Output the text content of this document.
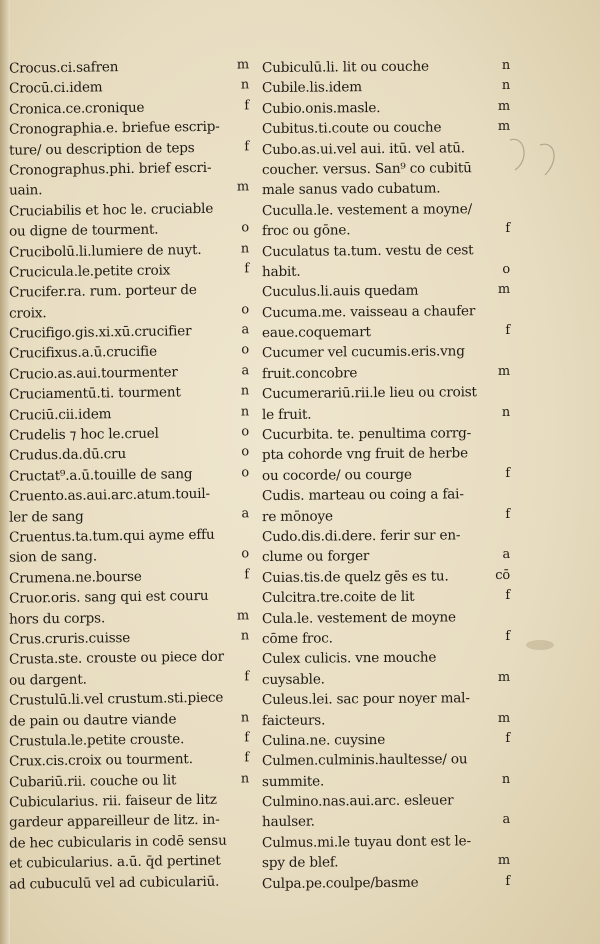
Crocus.ci.safren	m
Crocū.ci.idem	n
Cronica.ce.cronique	f
Cronographia.e. briefue escrip-
ture/ ou description de teps	f
Cronographus.phi. brief escri-
uain.	m
Cruciabilis et hoc le. cruciable
ou digne de tourment.	o
Crucibolū.li.lumiere de nuyt.	n
Crucicula.le.petite croix	f
Crucifer.ra. rum. porteur de
croix.	o
Crucifigo.gis.xi.xū.crucifier	a
Crucifixus.a.ū.crucifie	o
Crucio.as.aui.tourmenter	a
Cruciamentū.ti. tourment	n
Cruciū.cii.idem	n
Crudelis ⁊ hoc le.cruel	o
Crudus.da.dū.cru	o
Cructat⁹.a.ū.touille de sang	o
Cruento.as.aui.arc.atum.touil-
ler de sang	a
Cruentus.ta.tum.qui ayme effu
sion de sang.	o
Crumena.ne.bourse	f
Cruor.oris. sang qui est couru
hors du corps.	m
Crus.cruris.cuisse	n
Crusta.ste. crouste ou piece dor
ou dargent.	f
Crustulū.li.vel crustum.sti.piece
de pain ou dautre viande	n
Crustula.le.petite crouste.	f
Crux.cis.croix ou tourment.	f
Cubariū.rii. couche ou lit	n
Cubicularius. rii. faiseur de litz
gardeur appareilleur de litz. in-
de hec cubicularis in codē sensu
et cubicularius. a.ū. q̄d pertinet
ad cubuculū vel ad cubiculariū.
Cubiculū.li. lit ou couche	n
Cubile.lis.idem	n
Cubio.onis.masle.	m
Cubitus.ti.coute ou couche	m
Cubo.as.ui.vel aui. itū. vel atū.
coucher. versus. San⁹ co cubitū
male sanus vado cubatum.
Cuculla.le. vestement a moyne/
froc ou gōne.	f
Cuculatus ta.tum. vestu de cest
habit.	o
Cuculus.li.auis quedam	m
Cucuma.me. vaisseau a chaufer
eaue.coquemart	f
Cucumer vel cucumis.eris.vng
fruit.concobre	m
Cucumerariū.rii.le lieu ou croist
le fruit.	n
Cucurbita. te. penultima corrg-
pta cohorde vng fruit de herbe
ou cocorde/ ou courge	f
Cudis. marteau ou coing a fai-
re mōnoye	f
Cudo.dis.di.dere. ferir sur en-
clume ou forger	a
Cuias.tis.de quelz gēs es tu.	cō
Culcitra.tre.coite de lit	f
Cula.le. vestement de moyne
cōme froc.	f
Culex culicis. vne mouche
cuysable.	m
Culeus.lei. sac pour noyer mal-
faicteurs.	m
Culina.ne. cuysine	f
Culmen.culminis.haultesse/ ou
summite.	n
Culmino.nas.aui.arc. esleuer
haulser.	a
Culmus.mi.le tuyau dont est le-
spy de blef.	m
Culpa.pe.coulpe/basme	f
